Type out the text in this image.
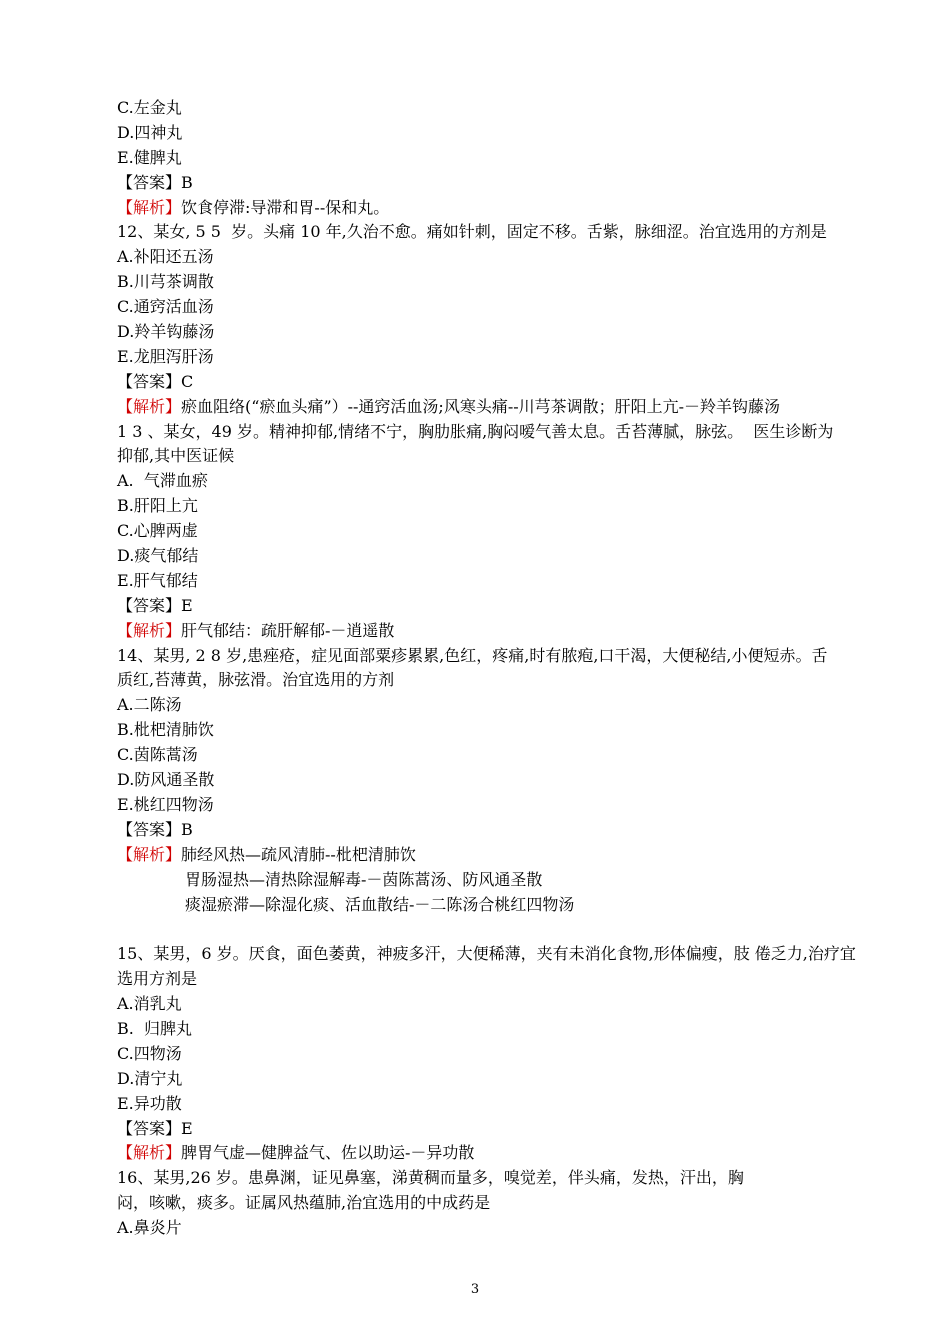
C.左金丸
D.四神丸
E.健脾丸
【答案】B
【解析】饮食停滞:导滞和胃--保和丸。
12、某女, 5 5  岁。头痛 10 年,久治不愈。痛如针刺，固定不移。舌紫，脉细涩。治宜选用的方剂是
A.补阳还五汤
B.川芎茶调散
C.通窍活血汤
D.羚羊钩藤汤
E.龙胆泻肝汤
【答案】C
【解析】瘀血阻络(“瘀血头痛”）--通窍活血汤;风寒头痛--川芎茶调散；肝阳上亢-－羚羊钩藤汤
1 3 、某女，49 岁。精神抑郁,情绪不宁，胸肋胀痛,胸闷嗳气善太息。舌苔薄腻，脉弦。  医生诊断为
抑郁,其中医证候
A.  气滞血瘀
B.肝阳上亢
C.心脾两虚
D.痰气郁结
E.肝气郁结
【答案】E
【解析】肝气郁结：疏肝解郁-－逍遥散
14、某男, 2 8 岁,患痤疮，症见面部粟疹累累,色红，疼痛,时有脓疱,口干渴，大便秘结,小便短赤。舌
质红,苔薄黄，脉弦滑。治宜选用的方剂
A.二陈汤
B.枇杷清肺饮
C.茵陈蒿汤
D.防风通圣散
E.桃红四物汤
【答案】B
【解析】肺经风热—疏风清肺--枇杷清肺饮
胃肠湿热—清热除湿解毒-－茵陈蒿汤、防风通圣散
痰湿瘀滞—除湿化痰、活血散结-－二陈汤合桃红四物汤
15、某男，6 岁。厌食，面色萎黄，神疲多汗，大便稀薄，夹有未消化食物,形体偏瘦，肢 倦乏力,治疗宜
选用方剂是
A.消乳丸
B.  归脾丸
C.四物汤
D.清宁丸
E.异功散
【答案】E
【解析】脾胃气虚—健脾益气、佐以助运-－异功散
16、某男,26 岁。患鼻渊，证见鼻塞，涕黄稠而量多，嗅觉差，伴头痛，发热，汗出，胸
闷，咳嗽，痰多。证属风热蕴肺,治宜选用的中成药是
A.鼻炎片
3
